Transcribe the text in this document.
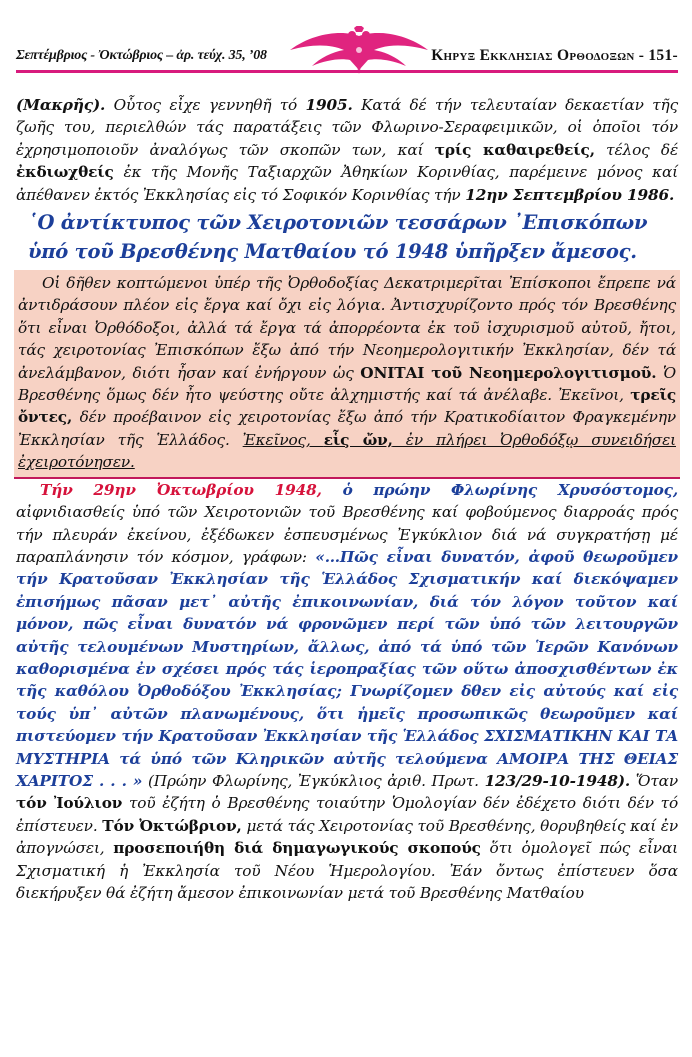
Σεπτέμβριος - Ὀκτώβριος – ἀρ. τεύχ. 35, ’08	Κηρυξ Εκκλησιας Ορθοδοξων - 151-

(Μακρῆς). Οὗτος εἶχε γεννηθῆ τό 1905. Κατά δέ τήν τελευταίαν δεκαετίαν τῆς ζωῆς του, περιελθών τάς παρατάξεις τῶν Φλωρινο-Σεραφειμικῶν, οἱ ὁποῖοι τόν ἐχρησιμοποιοῦν ἀναλόγως τῶν σκοπῶν των, καί τρίς καθαιρεθείς, τέλος δέ ἐκδιωχθείς ἐκ τῆς Μονῆς Ταξιαρχῶν Ἀθηκίων Κορινθίας, παρέμεινε μόνος καί ἀπέθανεν ἐκτός Ἐκκλησίας εἰς τό Σοφικόν Κορινθίας τήν 12ην Σεπτεμβρίου 1986.

῾Ο ἀντίκτυπος τῶν Χειροτονιῶν τεσσάρων ᾿Επισκόπων
ὑπό τοῦ Βρεσθένης Ματθαίου τό 1948 ὑπῆρξεν ἄμεσος.

Οἱ δῆθεν κοπτώμενοι ὑπέρ τῆς Ὀρθοδοξίας Δεκατριμερῖται Ἐπίσκοποι ἔπρεπε νά ἀντιδράσουν πλέον εἰς ἔργα καί ὄχι εἰς λόγια. Ἀντισχυρίζοντο πρός τόν Βρεσθένης ὅτι εἶναι Ὀρθόδοξοι, ἀλλά τά ἔργα τά ἀπορρέοντα ἐκ τοῦ ἰσχυρισμοῦ αὐτοῦ, ἤτοι, τάς χειροτονίας Ἐπισκόπων ἔξω ἀπό τήν Νεοημερολογιτικήν Ἐκκλησίαν, δέν τά ἀνελάμβανον, διότι ἦσαν καί ἐνήργουν ὡς ΟΝΙΤΑΙ τοῦ Νεοημερολογιτισμοῦ. Ὁ Βρεσθένης ὅμως δέν ἦτο ψεύστης οὔτε ἀλχημιστής καί τά ἀνέλαβε. Ἐκεῖνοι, τρεῖς ὄντες, δέν προέβαινον εἰς χειροτονίας ἔξω ἀπό τήν Κρατικοδίαιτον Φραγκεμένην Ἐκκλησίαν τῆς Ἑλλάδος. Ἐκεῖνος, εἷς ὤν, ἐν πλήρει Ὀρθοδόξῳ συνειδήσει ἐχειροτόνησεν.

Τήν 29ην Ὀκτωβρίου 1948, ὁ πρώην Φλωρίνης Χρυσόστομος, αἰφνιδιασθείς ὑπό τῶν Χειροτονιῶν τοῦ Βρεσθένης καί φοβούμενος διαρροάς πρός τήν πλευράν ἐκείνου, ἐξέδωκεν ἐσπευσμένως Ἐγκύκλιον διά νά συγκρατήσῃ μέ παραπλάνησιν τόν κόσμον, γράφων: «…Πῶς εἶναι δυνατόν, ἀφοῦ θεωροῦμεν τήν Κρατοῦσαν Ἐκκλησίαν τῆς Ἑλλάδος Σχισματικήν καί διεκόψαμεν ἐπισήμως πᾶσαν μετ᾿ αὐτῆς ἐπικοινωνίαν, διά τόν λόγον τοῦτον καί μόνον, πῶς εἶναι δυνατόν νά φρονῶμεν περί τῶν ὑπό τῶν λειτουργῶν αὐτῆς τελουμένων Μυστηρίων, ἄλλως, ἀπό τά ὑπό τῶν Ἱερῶν Κανόνων καθορισμένα ἐν σχέσει πρός τάς ἱεροπραξίας τῶν οὕτω ἀποσχισθέντων ἐκ τῆς καθόλου Ὀρθοδόξου Ἐκκλησίας; Γνωρίζομεν δθεν εἰς αὐτούς καί εἰς τούς ὑπ᾿ αὐτῶν πλανωμένους, ὅτι ἡμεῖς προσωπικῶς θεωροῦμεν καί πιστεύομεν τήν Κρατοῦσαν Ἐκκλησίαν τῆς Ἑλλάδος ΣΧΙΣΜΑΤΙΚΗΝ ΚΑΙ ΤΑ ΜΥΣΤΗΡΙΑ τά ὑπό τῶν Κληρικῶν αὐτῆς τελούμενα ΑΜΟΙΡΑ ΤΗΣ ΘΕΙΑΣ ΧΑΡΙΤΟΣ . . . » (Πρώην Φλωρίνης, Ἐγκύκλιος ἀριθ. Πρωτ. 123/29-10-1948). Ὅταν τόν Ἰούλιον τοῦ ἐζήτη ὁ Βρεσθένης τοιαύτην Ὁμολογίαν δέν ἐδέχετο διότι δέν τό ἐπίστευεν. Τόν Ὀκτώβριον, μετά τάς Χειροτονίας τοῦ Βρεσθένης, θορυβηθείς καί ἐν ἀπογνώσει, προσεποιήθη διά δημαγωγικούς σκοπούς ὅτι ὁμολογεῖ πώς εἶναι Σχισματική ἡ Ἐκκλησία τοῦ Νέου Ἡμερολογίου. Ἐάν ὄντως ἐπίστευεν ὅσα διεκήρυξεν θά ἐζήτη ἄμεσον ἐπικοινωνίαν μετά τοῦ Βρεσθένης Ματθαίου
